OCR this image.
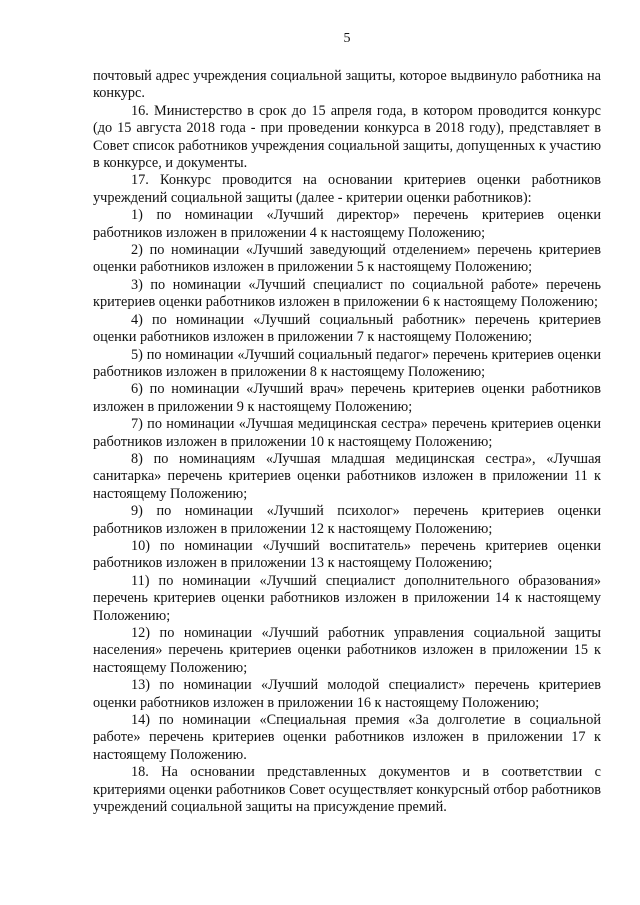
5

почтовый адрес учреждения социальной защиты, которое выдвинуло работника на конкурс.

16. Министерство в срок до 15 апреля года, в котором проводится конкурс (до 15 августа 2018 года - при проведении конкурса в 2018 году), представляет в Совет список работников учреждения социальной защиты, допущенных к участию в конкурсе, и документы.

17. Конкурс проводится на основании критериев оценки работников учреждений социальной защиты (далее - критерии оценки работников):

1) по номинации «Лучший директор» перечень критериев оценки работников изложен в приложении 4 к настоящему Положению;

2) по номинации «Лучший заведующий отделением» перечень критериев оценки работников изложен в приложении 5 к настоящему Положению;

3) по номинации «Лучший специалист по социальной работе» перечень критериев оценки работников изложен в приложении 6 к настоящему Положению;

4) по номинации «Лучший социальный работник» перечень критериев оценки работников изложен в приложении 7 к настоящему Положению;

5) по номинации «Лучший социальный педагог» перечень критериев оценки работников изложен в приложении 8 к настоящему Положению;

6) по номинации «Лучший врач» перечень критериев оценки работников изложен в приложении 9 к настоящему Положению;

7) по номинации «Лучшая медицинская сестра» перечень критериев оценки работников изложен в приложении 10 к настоящему Положению;

8) по номинациям «Лучшая младшая медицинская сестра», «Лучшая санитарка» перечень критериев оценки работников изложен в приложении 11 к настоящему Положению;

9) по номинации «Лучший психолог» перечень критериев оценки работников изложен в приложении 12 к настоящему Положению;

10) по номинации «Лучший воспитатель» перечень критериев оценки работников изложен в приложении 13 к настоящему Положению;

11) по номинации «Лучший специалист дополнительного образования» перечень критериев оценки работников изложен в приложении 14 к настоящему Положению;

12) по номинации «Лучший работник управления социальной защиты населения» перечень критериев оценки работников изложен в приложении 15 к настоящему Положению;

13) по номинации «Лучший молодой специалист» перечень критериев оценки работников изложен в приложении 16 к настоящему Положению;

14) по номинации «Специальная премия «За долголетие в социальной работе» перечень критериев оценки работников изложен в приложении 17 к настоящему Положению.

18. На основании представленных документов и в соответствии с критериями оценки работников Совет осуществляет конкурсный отбор работников учреждений социальной защиты на присуждение премий.
